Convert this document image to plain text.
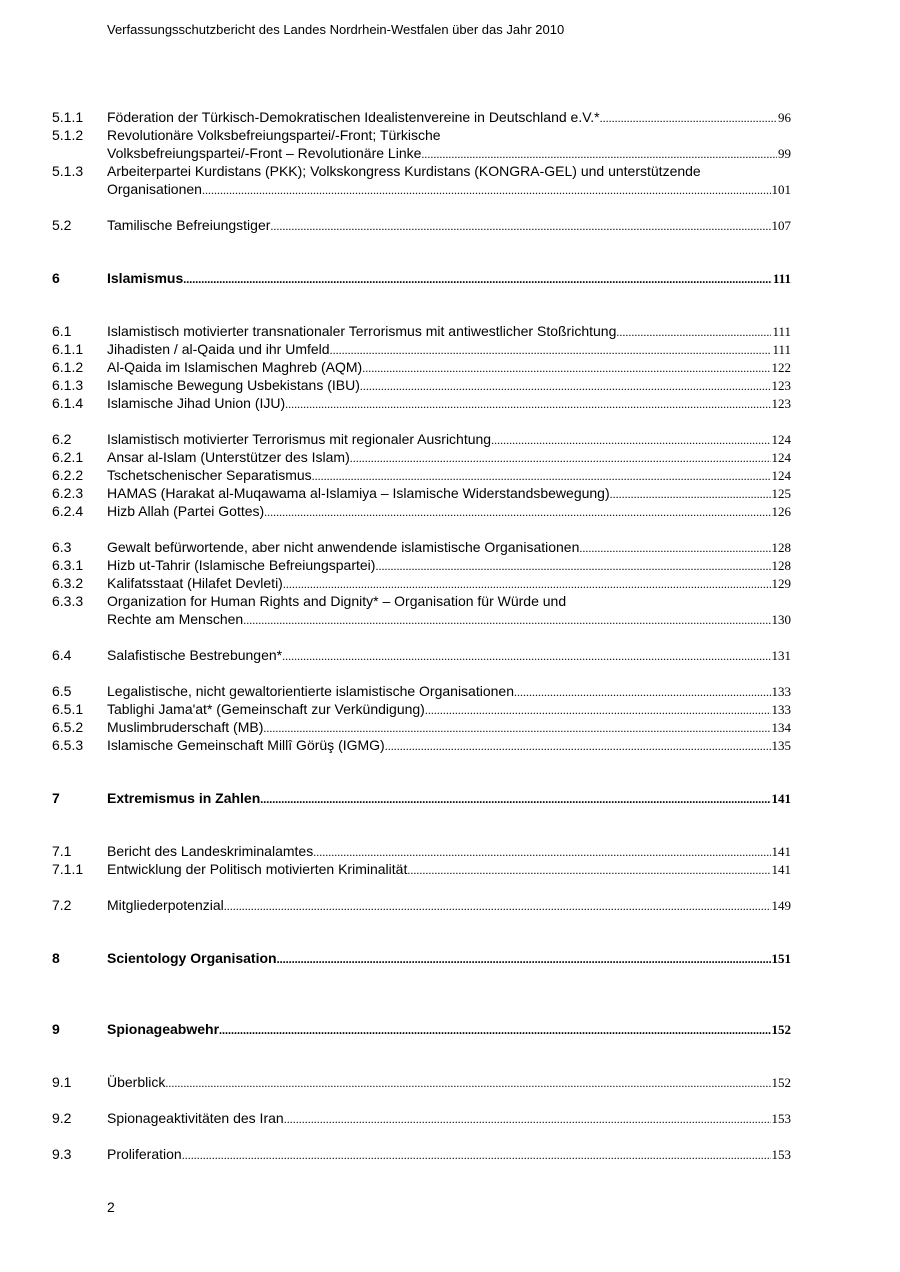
Verfassungsschutzbericht des Landes Nordrhein-Westfalen über das Jahr 2010
5.1.1 Föderation der Türkisch-Demokratischen Idealistenvereine in Deutschland e.V.* .....	96
5.1.2 Revolutionäre Volksbefreiungspartei/-Front; Türkische
Volksbefreiungspartei/-Front – Revolutionäre Linke .....	99
5.1.3 Arbeiterpartei Kurdistans (PKK); Volkskongress Kurdistans (KONGRA-GEL) und unterstützende
Organisationen .....	101
5.2	Tamilische Befreiungstiger .....	107
6	Islamismus .....	111
6.1	Islamistisch motivierter transnationaler Terrorismus mit antiwestlicher Stoßrichtung .....	111
6.1.1 Jihadisten / al-Qaida und ihr Umfeld .....	111
6.1.2 Al-Qaida im Islamischen Maghreb (AQM) .....	122
6.1.3 Islamische Bewegung Usbekistans (IBU) .....	123
6.1.4 Islamische Jihad Union (IJU) .....	123
6.2	Islamistisch motivierter Terrorismus mit regionaler Ausrichtung .....	124
6.2.1 Ansar al-Islam (Unterstützer des Islam) .....	124
6.2.2 Tschetschenischer Separatismus .....	124
6.2.3 HAMAS (Harakat al-Muqawama al-Islamiya – Islamische Widerstandsbewegung) .....	125
6.2.4 Hizb Allah (Partei Gottes) .....	126
6.3	Gewalt befürwortende, aber nicht anwendende islamistische Organisationen .....	128
6.3.1 Hizb ut-Tahrir (Islamische Befreiungspartei) .....	128
6.3.2 Kalifatsstaat (Hilafet Devleti) .....	129
6.3.3 Organization for Human Rights and Dignity* – Organisation für Würde und
Rechte am Menschen .....	130
6.4	Salafistische Bestrebungen* .....	131
6.5	Legalistische, nicht gewaltorientierte islamistische Organisationen .....	133
6.5.1 Tablighi Jama'at* (Gemeinschaft zur Verkündigung) .....	133
6.5.2 Muslimbruderschaft (MB) .....	134
6.5.3 Islamische Gemeinschaft Millî Görüş (IGMG) .....	135
7	Extremismus in Zahlen .....	141
7.1	Bericht des Landeskriminalamtes .....	141
7.1.1 Entwicklung der Politisch motivierten Kriminalität .....	141
7.2	Mitgliederpotenzial .....	149
8	Scientology Organisation .....	151
9	Spionageabwehr .....	152
9.1	Überblick .....	152
9.2	Spionageaktivitäten des Iran .....	153
9.3	Proliferation .....	153
2
